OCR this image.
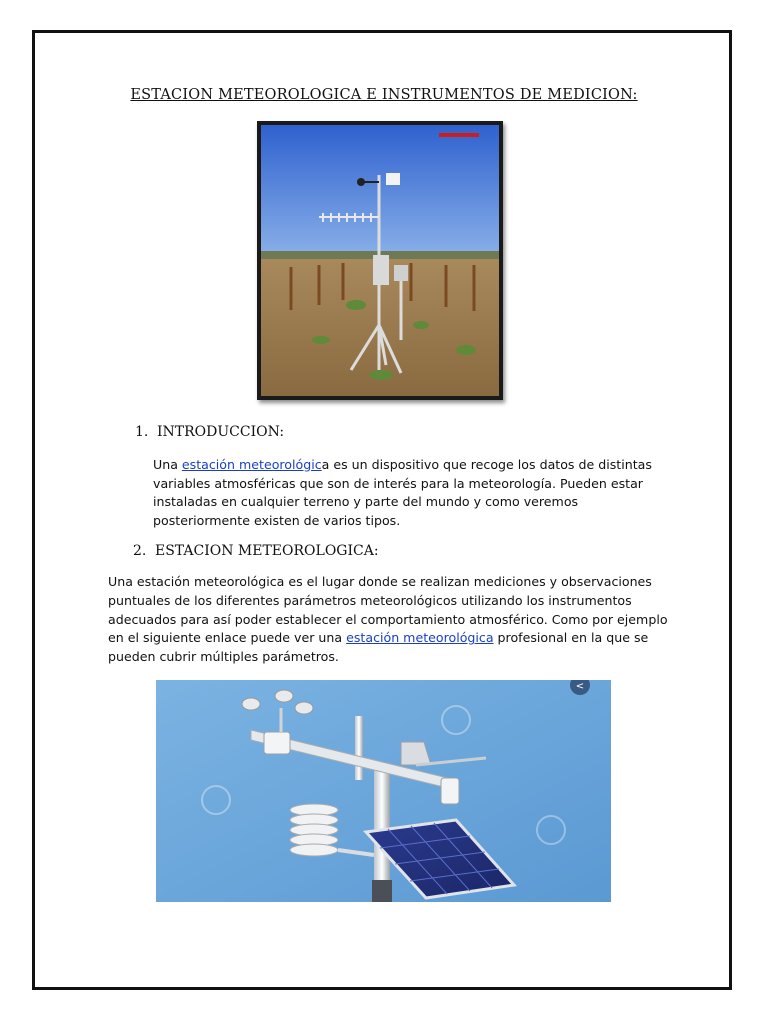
ESTACION METEOROLOGICA E INSTRUMENTOS DE MEDICION:
1. INTRODUCCION:
Una estación meteorológica es un dispositivo que recoge los datos de distintas variables atmosféricas que son de interés para la meteorología. Pueden estar instaladas en cualquier terreno y parte del mundo y como veremos posteriormente existen de varios tipos.
2. ESTACION METEOROLOGICA:
Una estación meteorológica es el lugar donde se realizan mediciones y observaciones puntuales de los diferentes parámetros meteorológicos utilizando los instrumentos adecuados para así poder establecer el comportamiento atmosférico. Como por ejemplo en el siguiente enlace puede ver una estación meteorológica profesional en la que se pueden cubrir múltiples parámetros.
<
